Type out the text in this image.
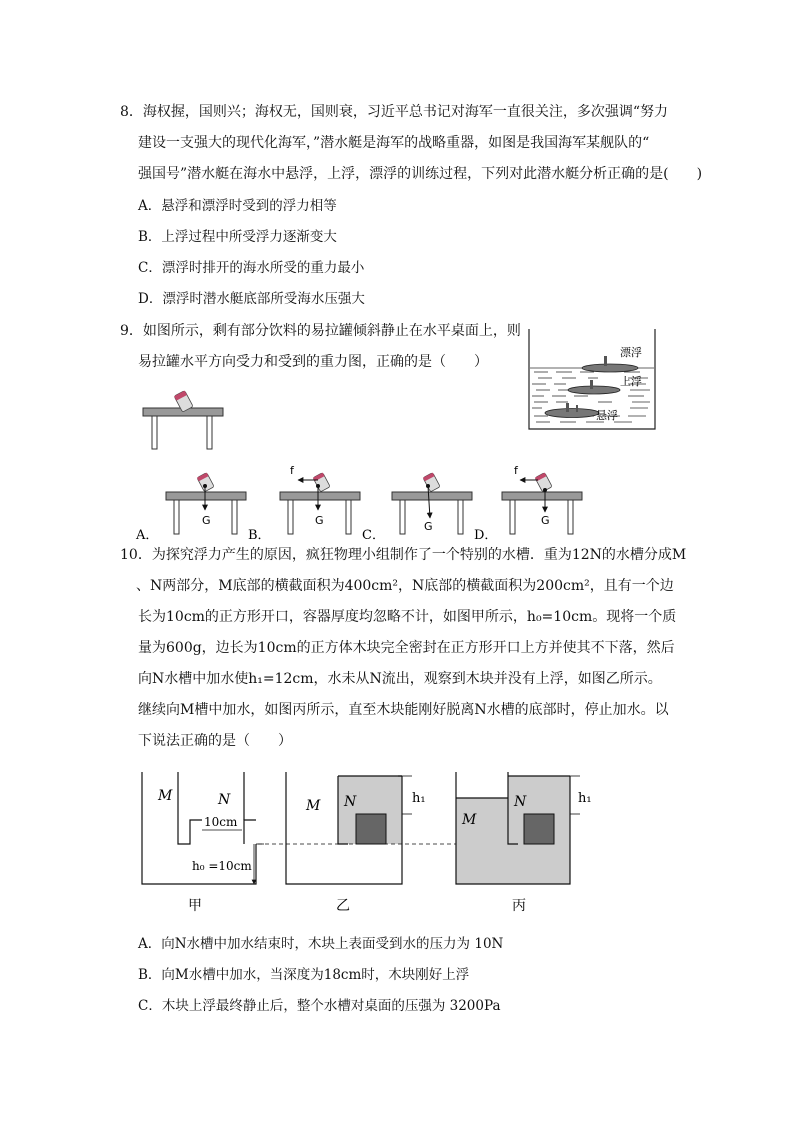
8．海权握，国则兴；海权无，国则衰，习近平总书记对海军一直很关注，多次强调“努力
建设一支强大的现代化海军，”潜水艇是海军的战略重器，如图是我国海军某舰队的“
强国号”潜水艇在海水中悬浮，上浮，漂浮的训练过程，下列对此潜水艇分析正确的是(　　)
A．悬浮和漂浮时受到的浮力相等
B．上浮过程中所受浮力逐渐变大
C．漂浮时排开的海水所受的重力最小
D．漂浮时潜水艇底部所受海水压强大
漂浮
上浮
悬浮
9．如图所示，剩有部分饮料的易拉罐倾斜静止在水平桌面上，则
易拉罐水平方向受力和受到的重力图，正确的是（　　）
G
A．
f
G
B．
G
C．
f
G
D．
10．为探究浮力产生的原因，疯狂物理小组制作了一个特别的水槽．重为12N的水槽分成M
、N两部分，M底部的横截面积为400cm²，N底部的横截面积为200cm²，且有一个边
长为10cm的正方形开口，容器厚度均忽略不计，如图甲所示，h₀=10cm。现将一个质
量为600g，边长为10cm的正方体木块完全密封在正方形开口上方并使其不下落，然后
向N水槽中加水使h₁=12cm，水未从N流出，观察到木块并没有上浮，如图乙所示。
继续向M槽中加水，如图丙所示，直至木块能刚好脱离N水槽的底部时，停止加水。以
下说法正确的是（　　）
M	N
10cm
h₀ =10cm
h₁
M N	h₁
M
N
甲	乙	丙
A．向N水槽中加水结束时，木块上表面受到水的压力为 10N
B．向M水槽中加水，当深度为18cm时，木块刚好上浮
C．木块上浮最终静止后，整个水槽对桌面的压强为 3200Pa
